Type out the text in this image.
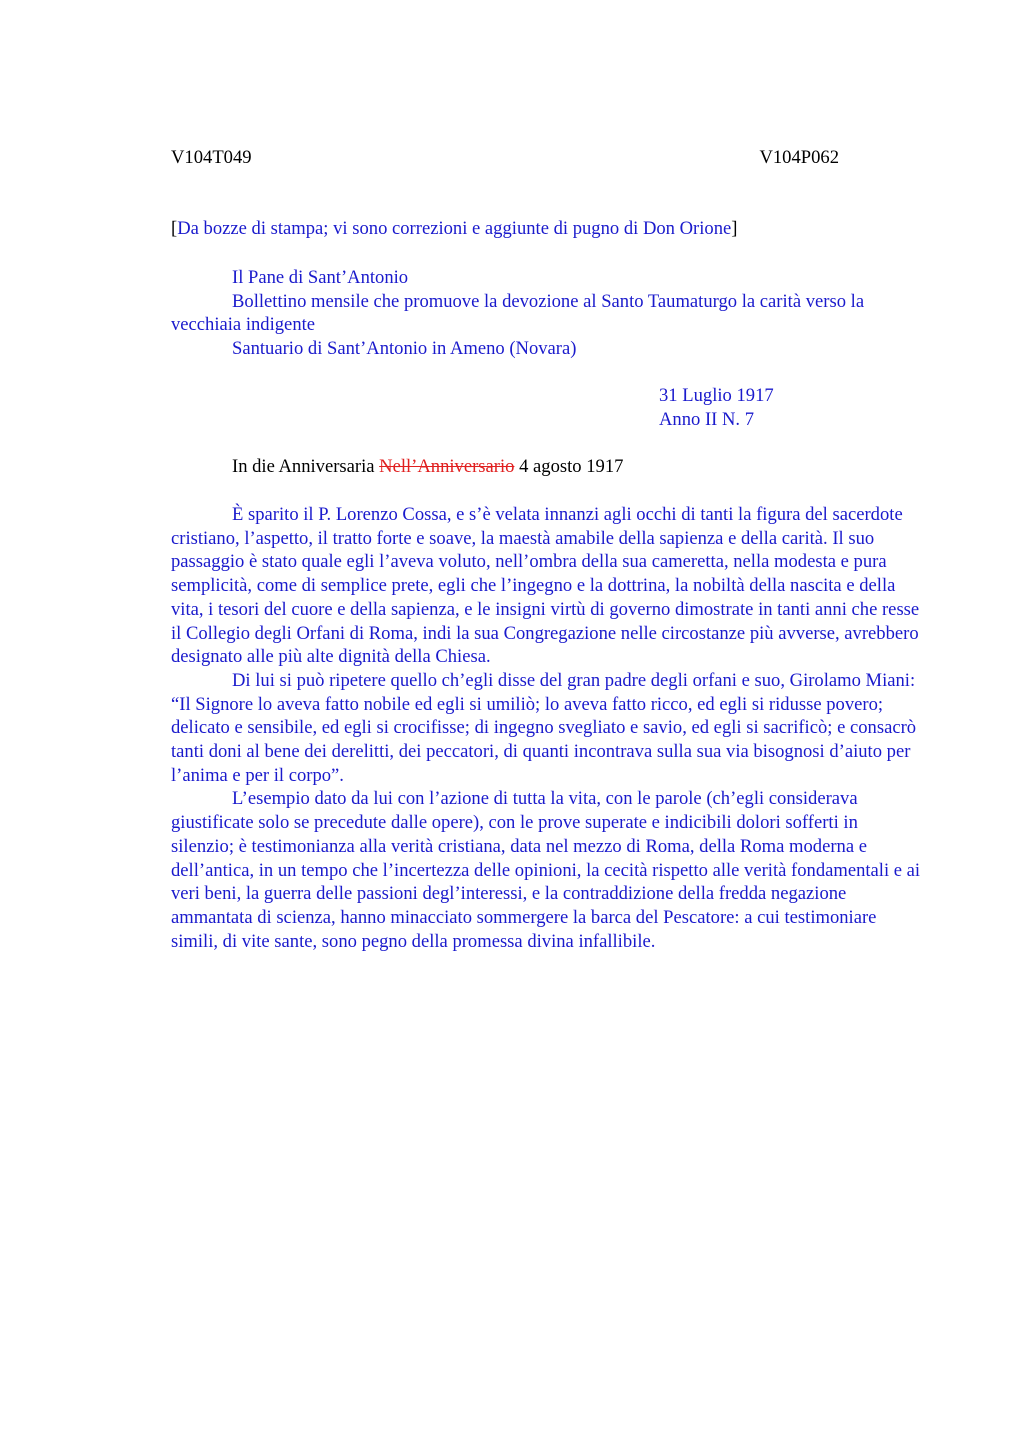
V104T049	V104P062

[Da bozze di stampa; vi sono correzioni e aggiunte di pugno di Don Orione]

Il Pane di Sant’Antonio

Bollettino mensile che promuove la devozione al Santo Taumaturgo la carità verso la vecchiaia indigente

Santuario di Sant’Antonio in Ameno (Novara)

31 Luglio 1917

Anno II N. 7

In die Anniversaria Nell’Anniversario 4 agosto 1917

È sparito il P. Lorenzo Cossa, e s’è velata innanzi agli occhi di tanti la figura del sacerdote cristiano, l’aspetto, il tratto forte e soave, la maestà amabile della sapienza e della carità. Il suo passaggio è stato quale egli l’aveva voluto, nell’ombra della sua cameretta, nella modesta e pura semplicità, come di semplice prete, egli che l’ingegno e la dottrina, la nobiltà della nascita e della vita, i tesori del cuore e della sapienza, e le insigni virtù di governo dimostrate in tanti anni che resse il Collegio degli Orfani di Roma, indi la sua Congregazione nelle circostanze più avverse, avrebbero designato alle più alte dignità della Chiesa.

Di lui si può ripetere quello ch’egli disse del gran padre degli orfani e suo, Girolamo Miani: “Il Signore lo aveva fatto nobile ed egli si umiliò; lo aveva fatto ricco, ed egli si ridusse povero; delicato e sensibile, ed egli si crocifisse; di ingegno svegliato e savio, ed egli si sacrificò; e consacrò tanti doni al bene dei derelitti, dei peccatori, di quanti incontrava sulla sua via bisognosi d’aiuto per l’anima e per il corpo”.

L’esempio dato da lui con l’azione di tutta la vita, con le parole (ch’egli considerava giustificate solo se precedute dalle opere), con le prove superate e indicibili dolori sofferti in silenzio; è testimonianza alla verità cristiana, data nel mezzo di Roma, della Roma moderna e dell’antica, in un tempo che l’incertezza delle opinioni, la cecità rispetto alle verità fondamentali e ai veri beni, la guerra delle passioni degl’interessi, e la contraddizione della fredda negazione ammantata di scienza, hanno minacciato sommergere la barca del Pescatore: a cui testimoniare simili, di vite sante, sono pegno della promessa divina infallibile.
